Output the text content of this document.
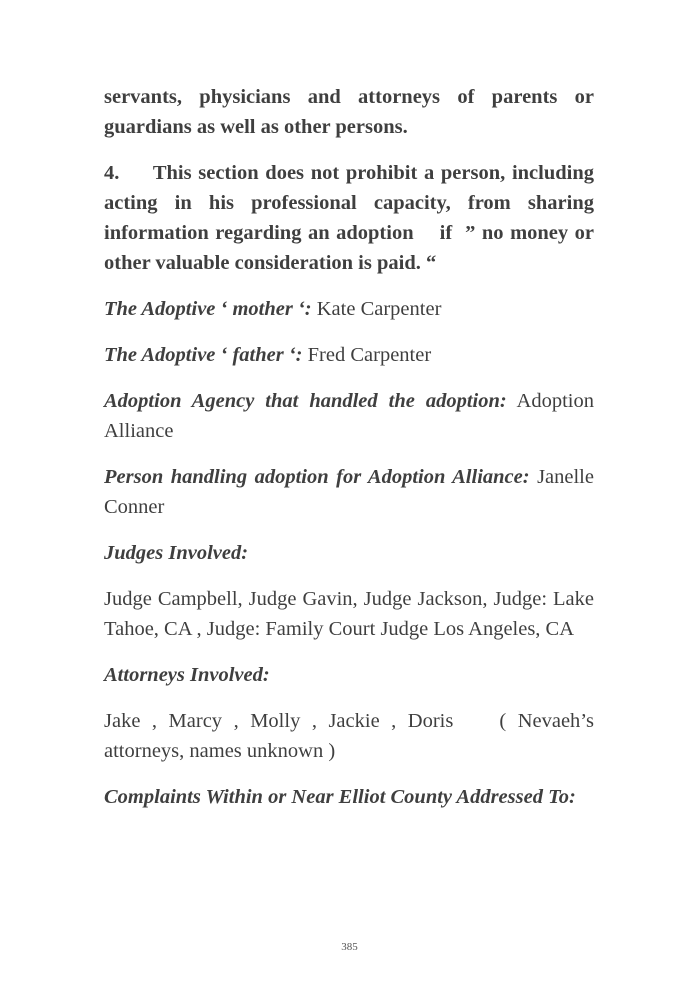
servants, physicians and attorneys of parents or guardians as well as other persons.

4.     This section does not prohibit a person, including acting in his professional capacity, from sharing information regarding an adoption    if  ” no money or other valuable consideration is paid. “

The Adoptive ‘ mother ‘: Kate Carpenter

The Adoptive ‘ father ‘: Fred Carpenter

Adoption Agency that handled the adoption: Adoption Alliance

Person handling adoption for Adoption Alliance: Janelle Conner

Judges Involved:

Judge Campbell, Judge Gavin, Judge Jackson, Judge: Lake Tahoe, CA , Judge: Family Court Judge Los Angeles, CA

Attorneys Involved:

Jake , Marcy , Molly , Jackie , Doris    ( Nevaeh’s attorneys, names unknown )

Complaints Within or Near Elliot County Addressed To:

385
